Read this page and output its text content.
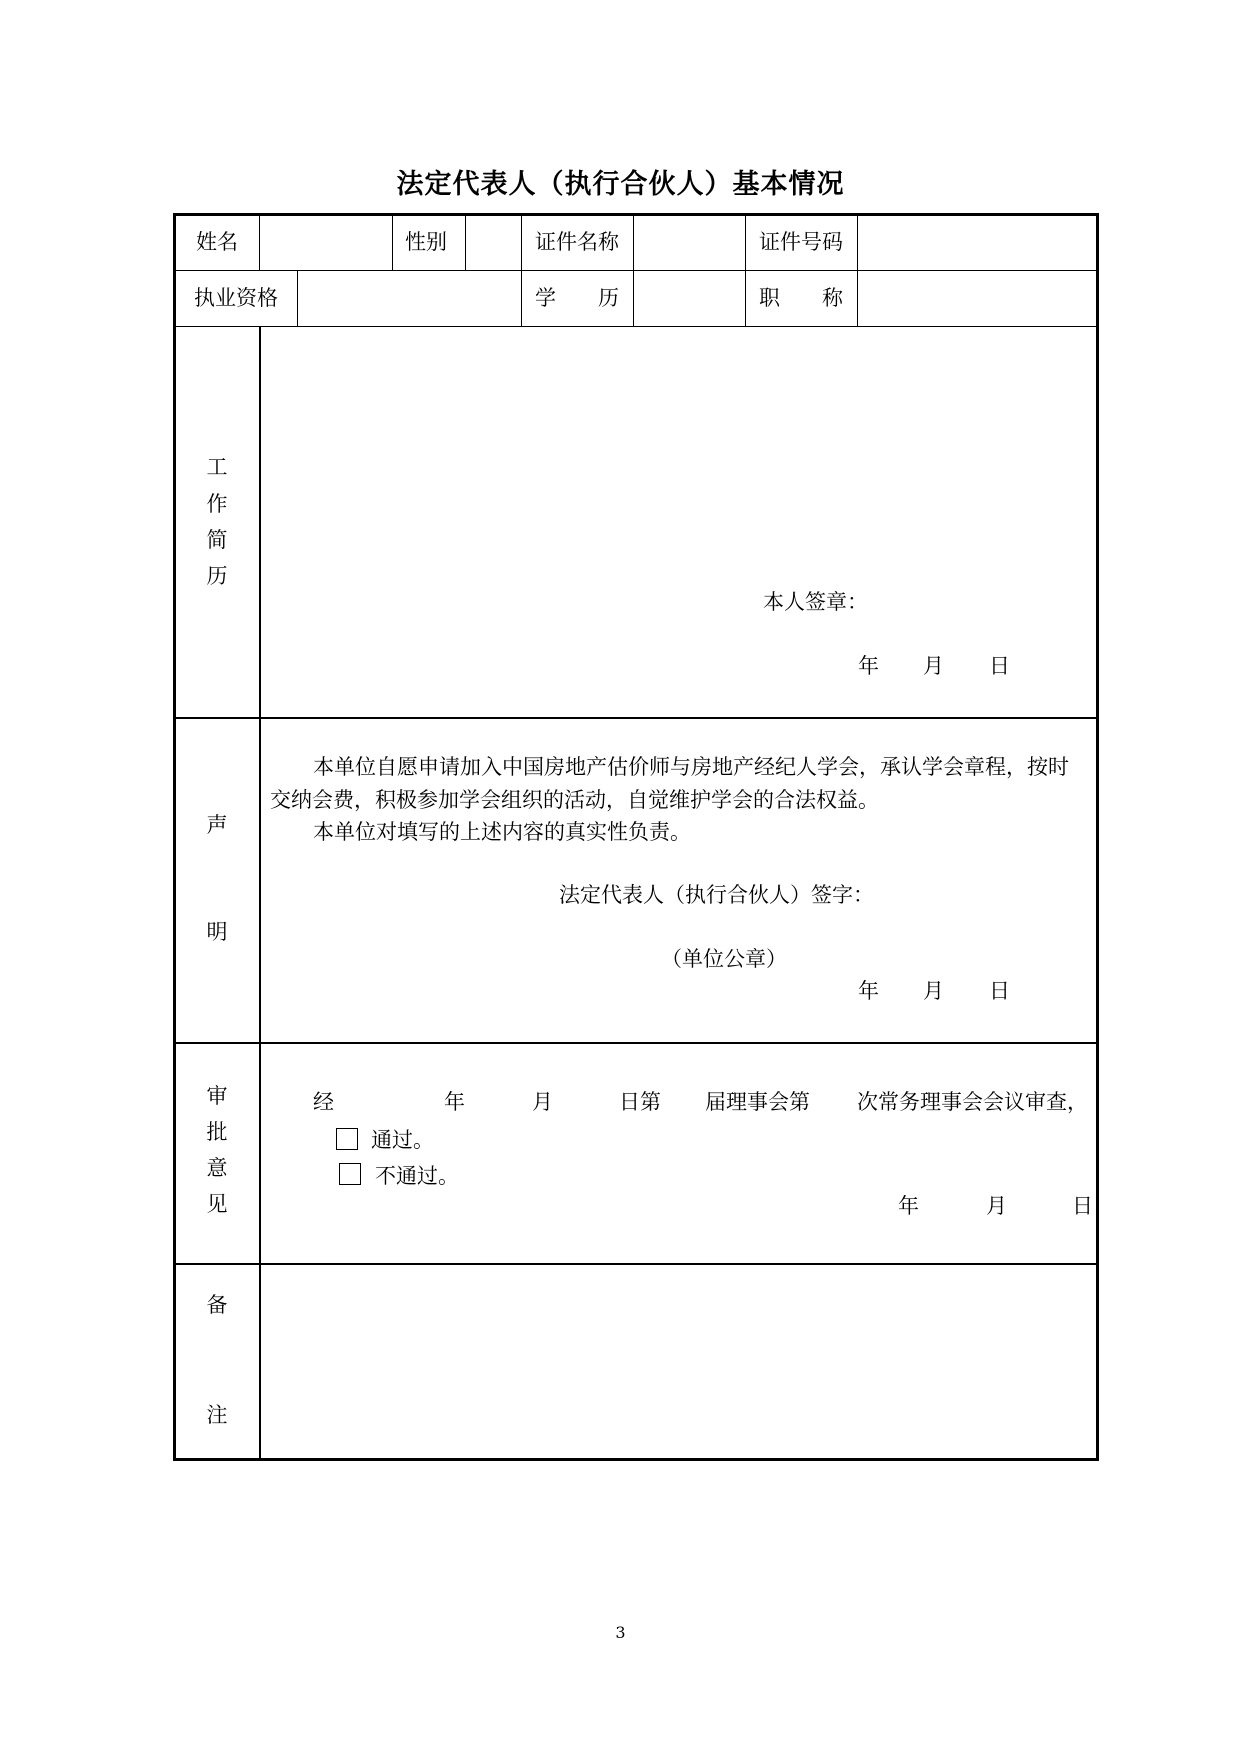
法定代表人（执行合伙人）基本情况
姓名	性别	证件名称	证件号码
执业资格	学　　历	职　　称
工
作
简
历
本人签章：
年 月 日
声
明
本单位自愿申请加入中国房地产估价师与房地产经纪人学会，承认学会章程，按时
交纳会费，积极参加学会组织的活动，自觉维护学会的合法权益。
本单位对填写的上述内容的真实性负责。
法定代表人（执行合伙人）签字：
（单位公章）
年 月 日
审
批
意
见
经	年	月	日第 届理事会第 次常务理事会会议审查，
通过。
不通过。
年	月	日
备
注
3
